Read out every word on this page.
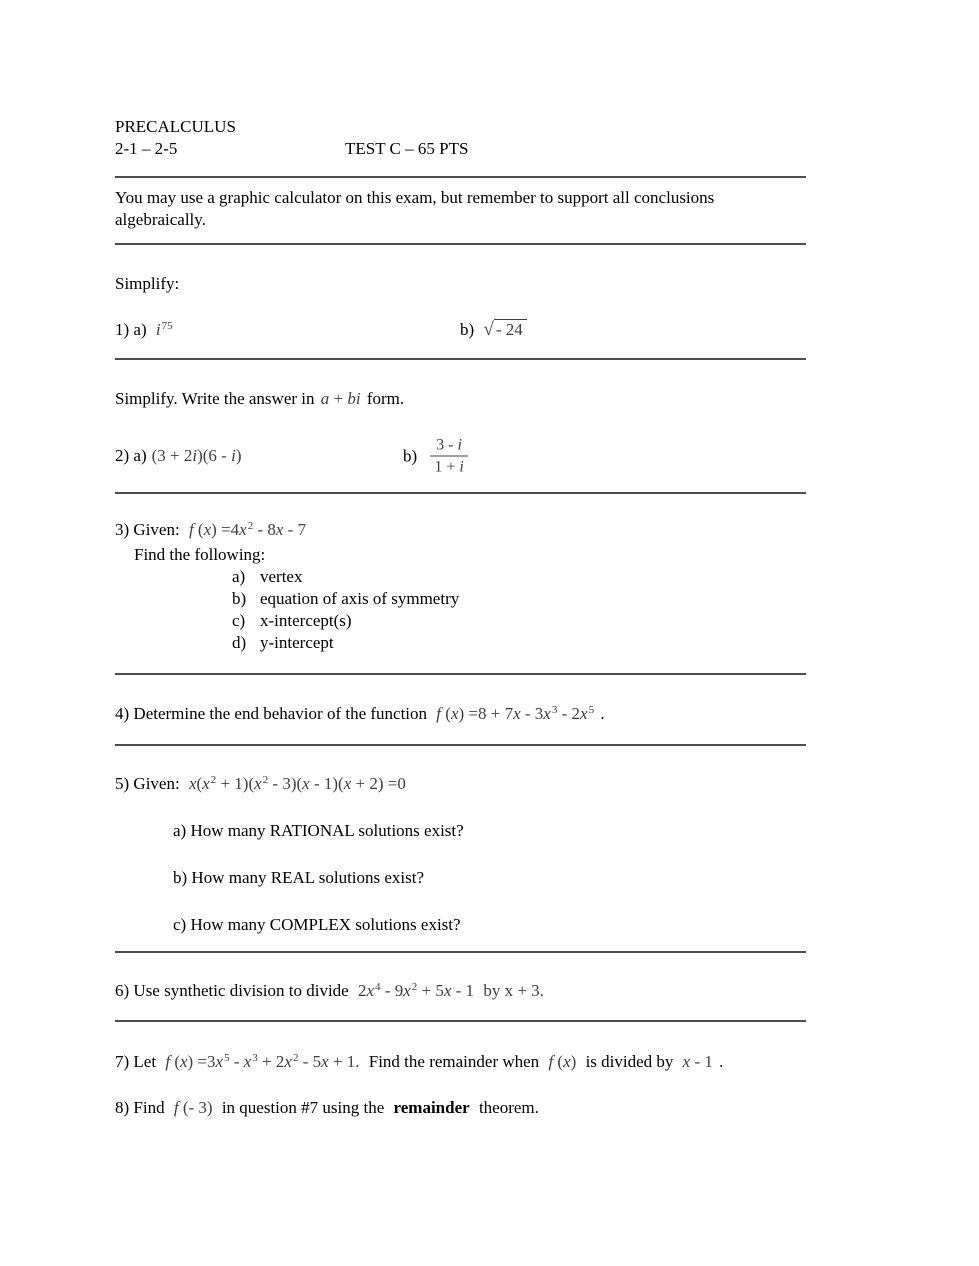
PRECALCULUS
2-1 – 2-5	TEST C – 65 PTS
You may use a graphic calculator on this exam, but remember to support all conclusions algebraically.
Simplify:
1) a) $i^{75}$	b) √ - 24
Simplify. Write the answer in a + bi form.
2) a) (3 + 2i)(6 - i)	$b) \frac{3 - i}{1 + i}$
3) Given: f $(x) =4x^2 - 8x - 7$
Find the following:
a) vertex
b) equation of axis of symmetry
c) x-intercept(s)
d) y-intercept
4) Determine the end behavior of the function f $(x) =8 + 7x - 3x^3 - 2x^5$ .
5) Given: $x(x^2 + 1)(x^2 - 3)(x - 1)(x + 2) =0$
a) How many RATIONAL solutions exist?
b) How many REAL solutions exist?
c) How many COMPLEX solutions exist?
6) Use synthetic division to divide $2x^4 - 9x^2 + 5x - 1$ by x + 3.
7) Let f $(x) =3x^5 - x^3 + 2x^2 - 5x + 1$. Find the remainder when f (x) is divided by x - 1 .
8) Find f (- 3) in question #7 using the remainder theorem.
